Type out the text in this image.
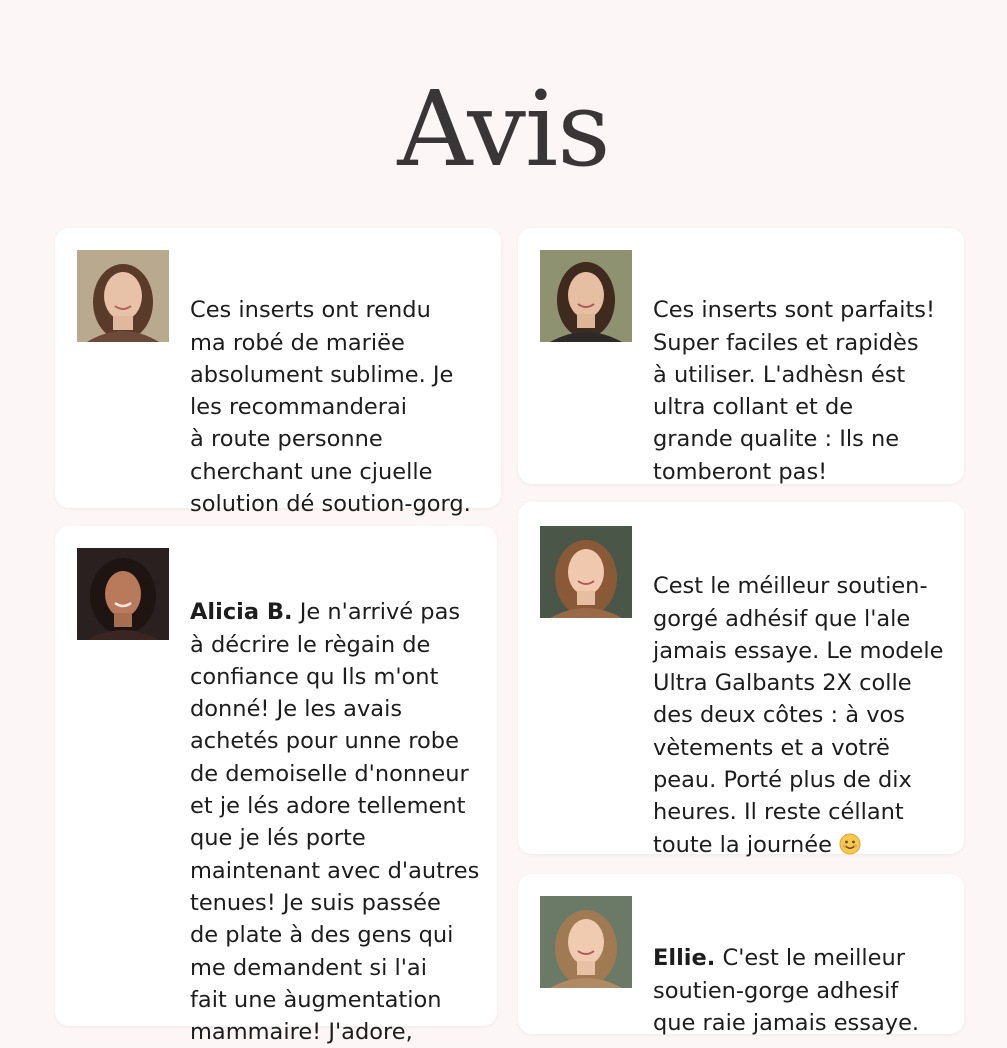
Avis

Ces inserts ont rendu
ma robé de mariëe
absolument sublime. Je
les recommanderai
à route personne
cherchant une cjuelle
solution dé soution-gorg.

Ces inserts sont parfaits!
Super faciles et rapidès
à utiliser. L'adhèsn ést
ultra collant et de
grande qualite : Ils ne
tomberont pas!

Alicia B. Je n'arrivé pas
à décrire le règain de
confiance qu Ils m'ont
donné! Je les avais
achetés pour unne robe
de demoiselle d'nonneur
et je lés adore tellement
que je lés porte
maintenant avec d'autres
tenues! Je suis passée
de plate à des gens qui
me demandent si l'ai
fait une àugmentation
mammaire! J'adore,

Cest le méilleur soutien-
gorgé adhésif que l'ale
jamais essaye. Le modele
Ultra Galbants 2X colle
des deux côtes : à vos
vètements et a votrë
peau. Porté plus de dix
heures. Il reste céllant
toute la journée

Ellie. C'est le meilleur
soutien-gorge adhesif
que raie jamais essaye.
